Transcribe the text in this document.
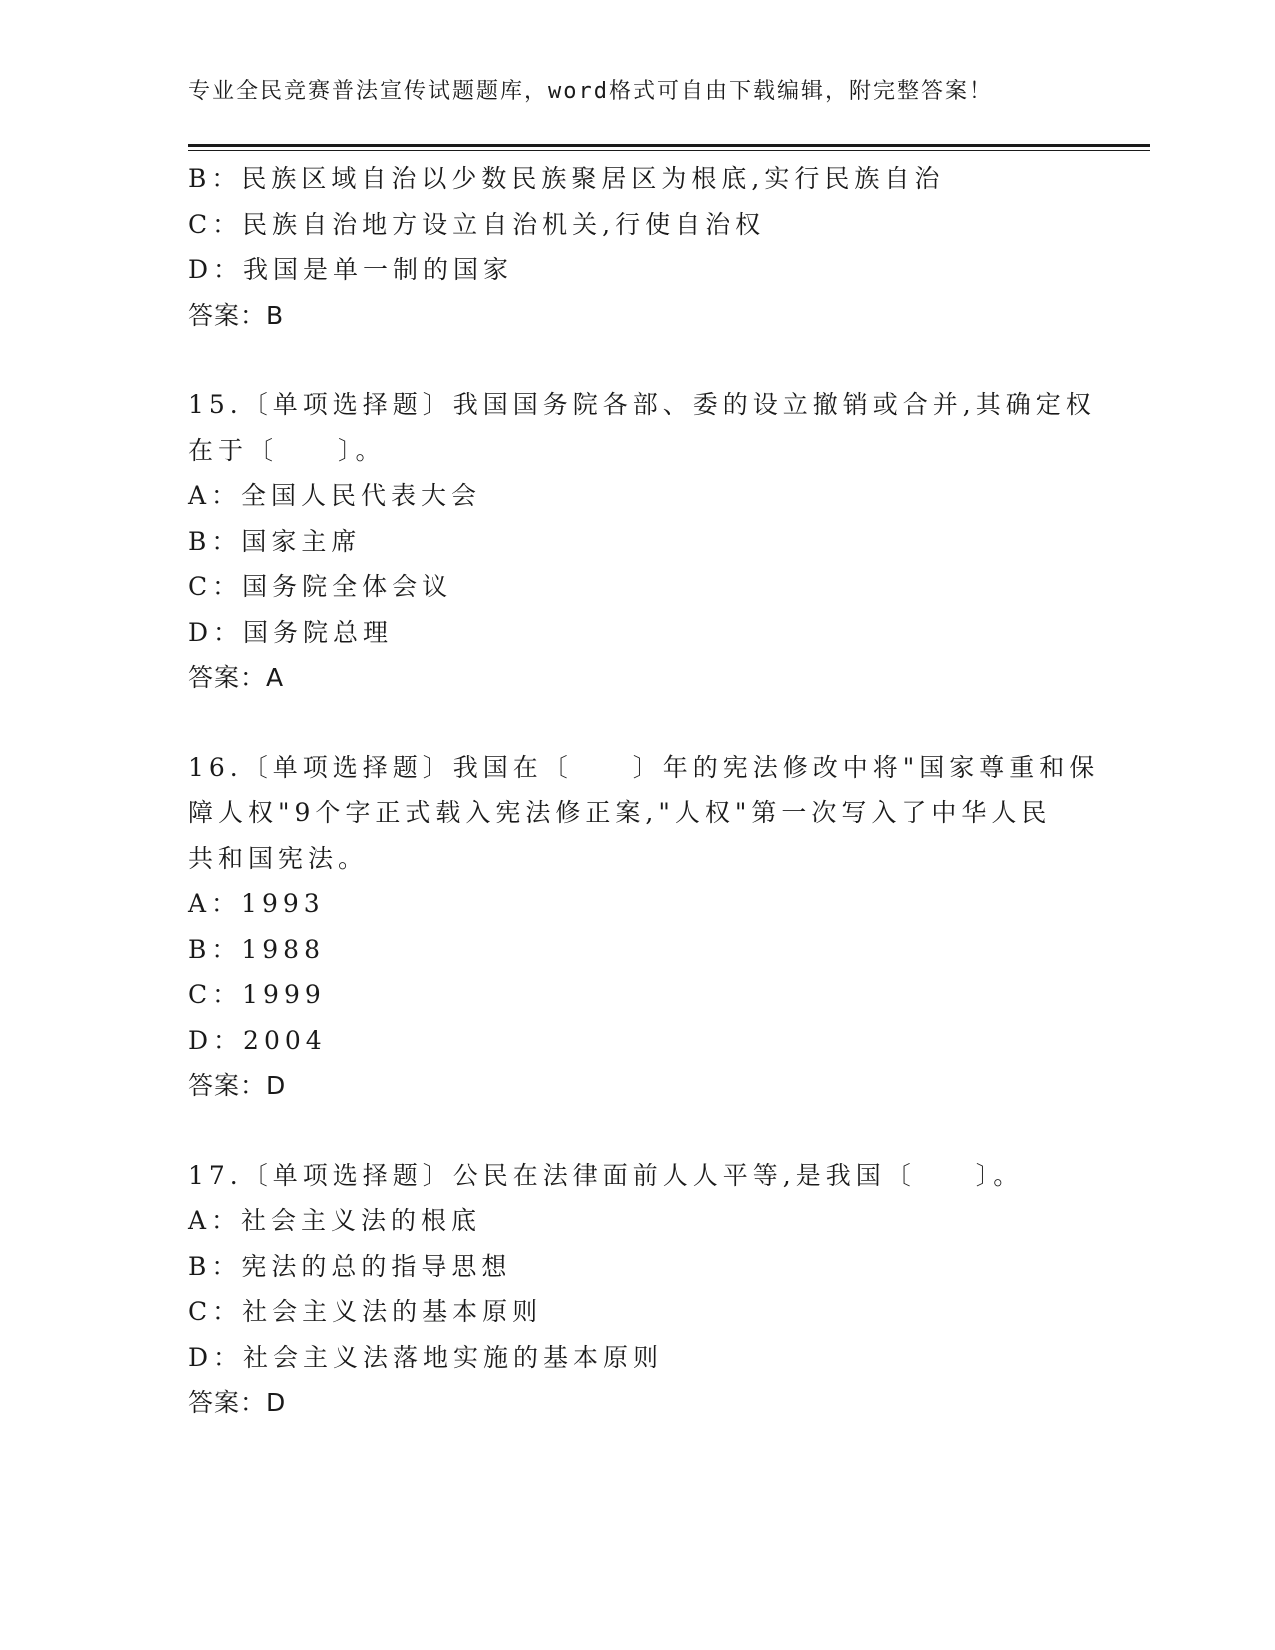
专业全民竞赛普法宣传试题题库，word格式可自由下载编辑，附完整答案！
B：民族区域自治以少数民族聚居区为根底,实行民族自治
C：民族自治地方设立自治机关,行使自治权
D：我国是单一制的国家
答案：B
15.〔单项选择题〕我国国务院各部、委的设立撤销或合并,其确定权
在于〔　　〕。
A：全国人民代表大会
B：国家主席
C：国务院全体会议
D：国务院总理
答案：A
16.〔单项选择题〕我国在〔　　〕年的宪法修改中将"国家尊重和保
障人权"9个字正式载入宪法修正案,"人权"第一次写入了中华人民
共和国宪法。
A：1993
B：1988
C：1999
D：2004
答案：D
17.〔单项选择题〕公民在法律面前人人平等,是我国〔　　〕。
A：社会主义法的根底
B：宪法的总的指导思想
C：社会主义法的基本原则
D：社会主义法落地实施的基本原则
答案：D
